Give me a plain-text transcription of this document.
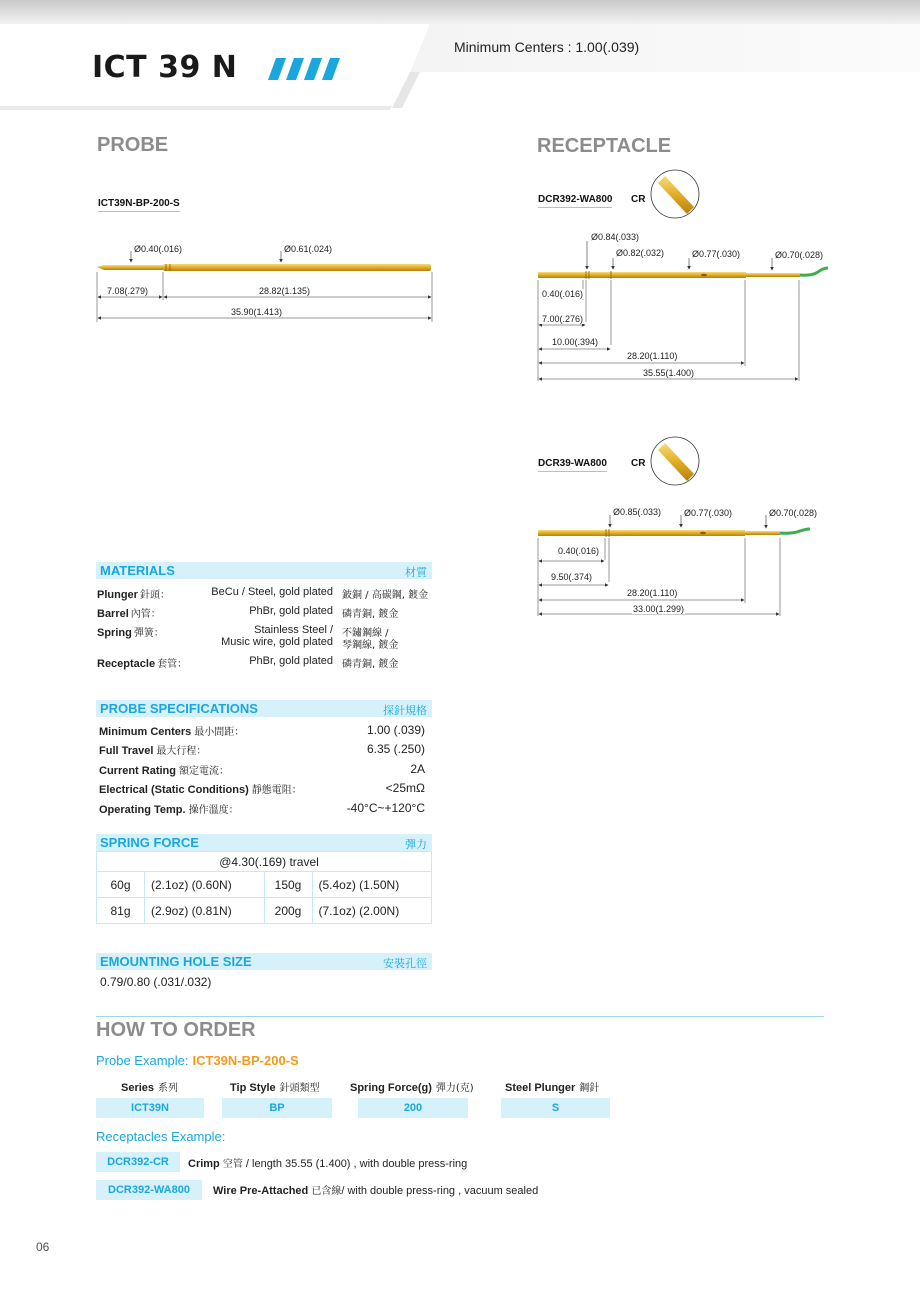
ICT 39 N
Minimum Centers : 1.00(.039)
PROBE	RECEPTACLE
ICT39N-BP-200-S
Ø0.40(.016)	Ø0.61(.024)
7.08(.279)	28.82(1.135)
35.90(1.413)
DCR392-WA800 CR
Ø0.84(.033)
Ø0.82(.032)	Ø0.77(.030)	Ø0.70(.028)
0.40(.016)
7.00(.276)
10.00(.394)
28.20(1.110)
35.55(1.400)
DCR39-WA800 CR
Ø0.85(.033)	Ø0.77(.030)	Ø0.70(.028)
0.40(.016)
9.50(.374)
28.20(1.110)
33.00(1.299)
MATERIALS	材質
Plunger 針頭：	BeCu / Steel, gold plated 鈹銅 / 高碳鋼, 鍍金
Barrel 內管：	PhBr, gold plated 磷青銅, 鍍金
Spring 彈簧：	Stainless Steel / 不鏽鋼線 /
Music wire, gold plated 琴鋼線, 鍍金
Receptacle 套管：	PhBr, gold plated 磷青銅, 鍍金
PROBE SPECIFICATIONS	探針規格
Minimum Centers 最小間距：	1.00 (.039)
Full Travel 最大行程：	6.35 (.250)
Current Rating 額定電流：	2A
Electrical (Static Conditions) 靜態電阻：	<25mΩ
Operating Temp. 操作溫度：	-40°C~+120°C
SPRING FORCE	彈力
@4.30(.169) travel			
60g	(2.1oz) (0.60N)	150g	(5.4oz) (1.50N)
81g	(2.9oz) (0.81N)	200g	(7.1oz) (2.00N)
EMOUNTING HOLE SIZE	安裝孔徑
0.79/0.80 (.031/.032)
HOW TO ORDER
Probe Example: ICT39N-BP-200-S
Series 系列	Tip Style 針頭類型	Spring Force(g) 彈力(克)	Steel Plunger 鋼針
ICT39N	BP	200	S
Receptacles Example:
DCR392-CR	Crimp 空管 / length 35.55 (1.400) , with double press-ring
DCR392-WA800	Wire Pre-Attached 已含線/ with double press-ring , vacuum sealed
06
